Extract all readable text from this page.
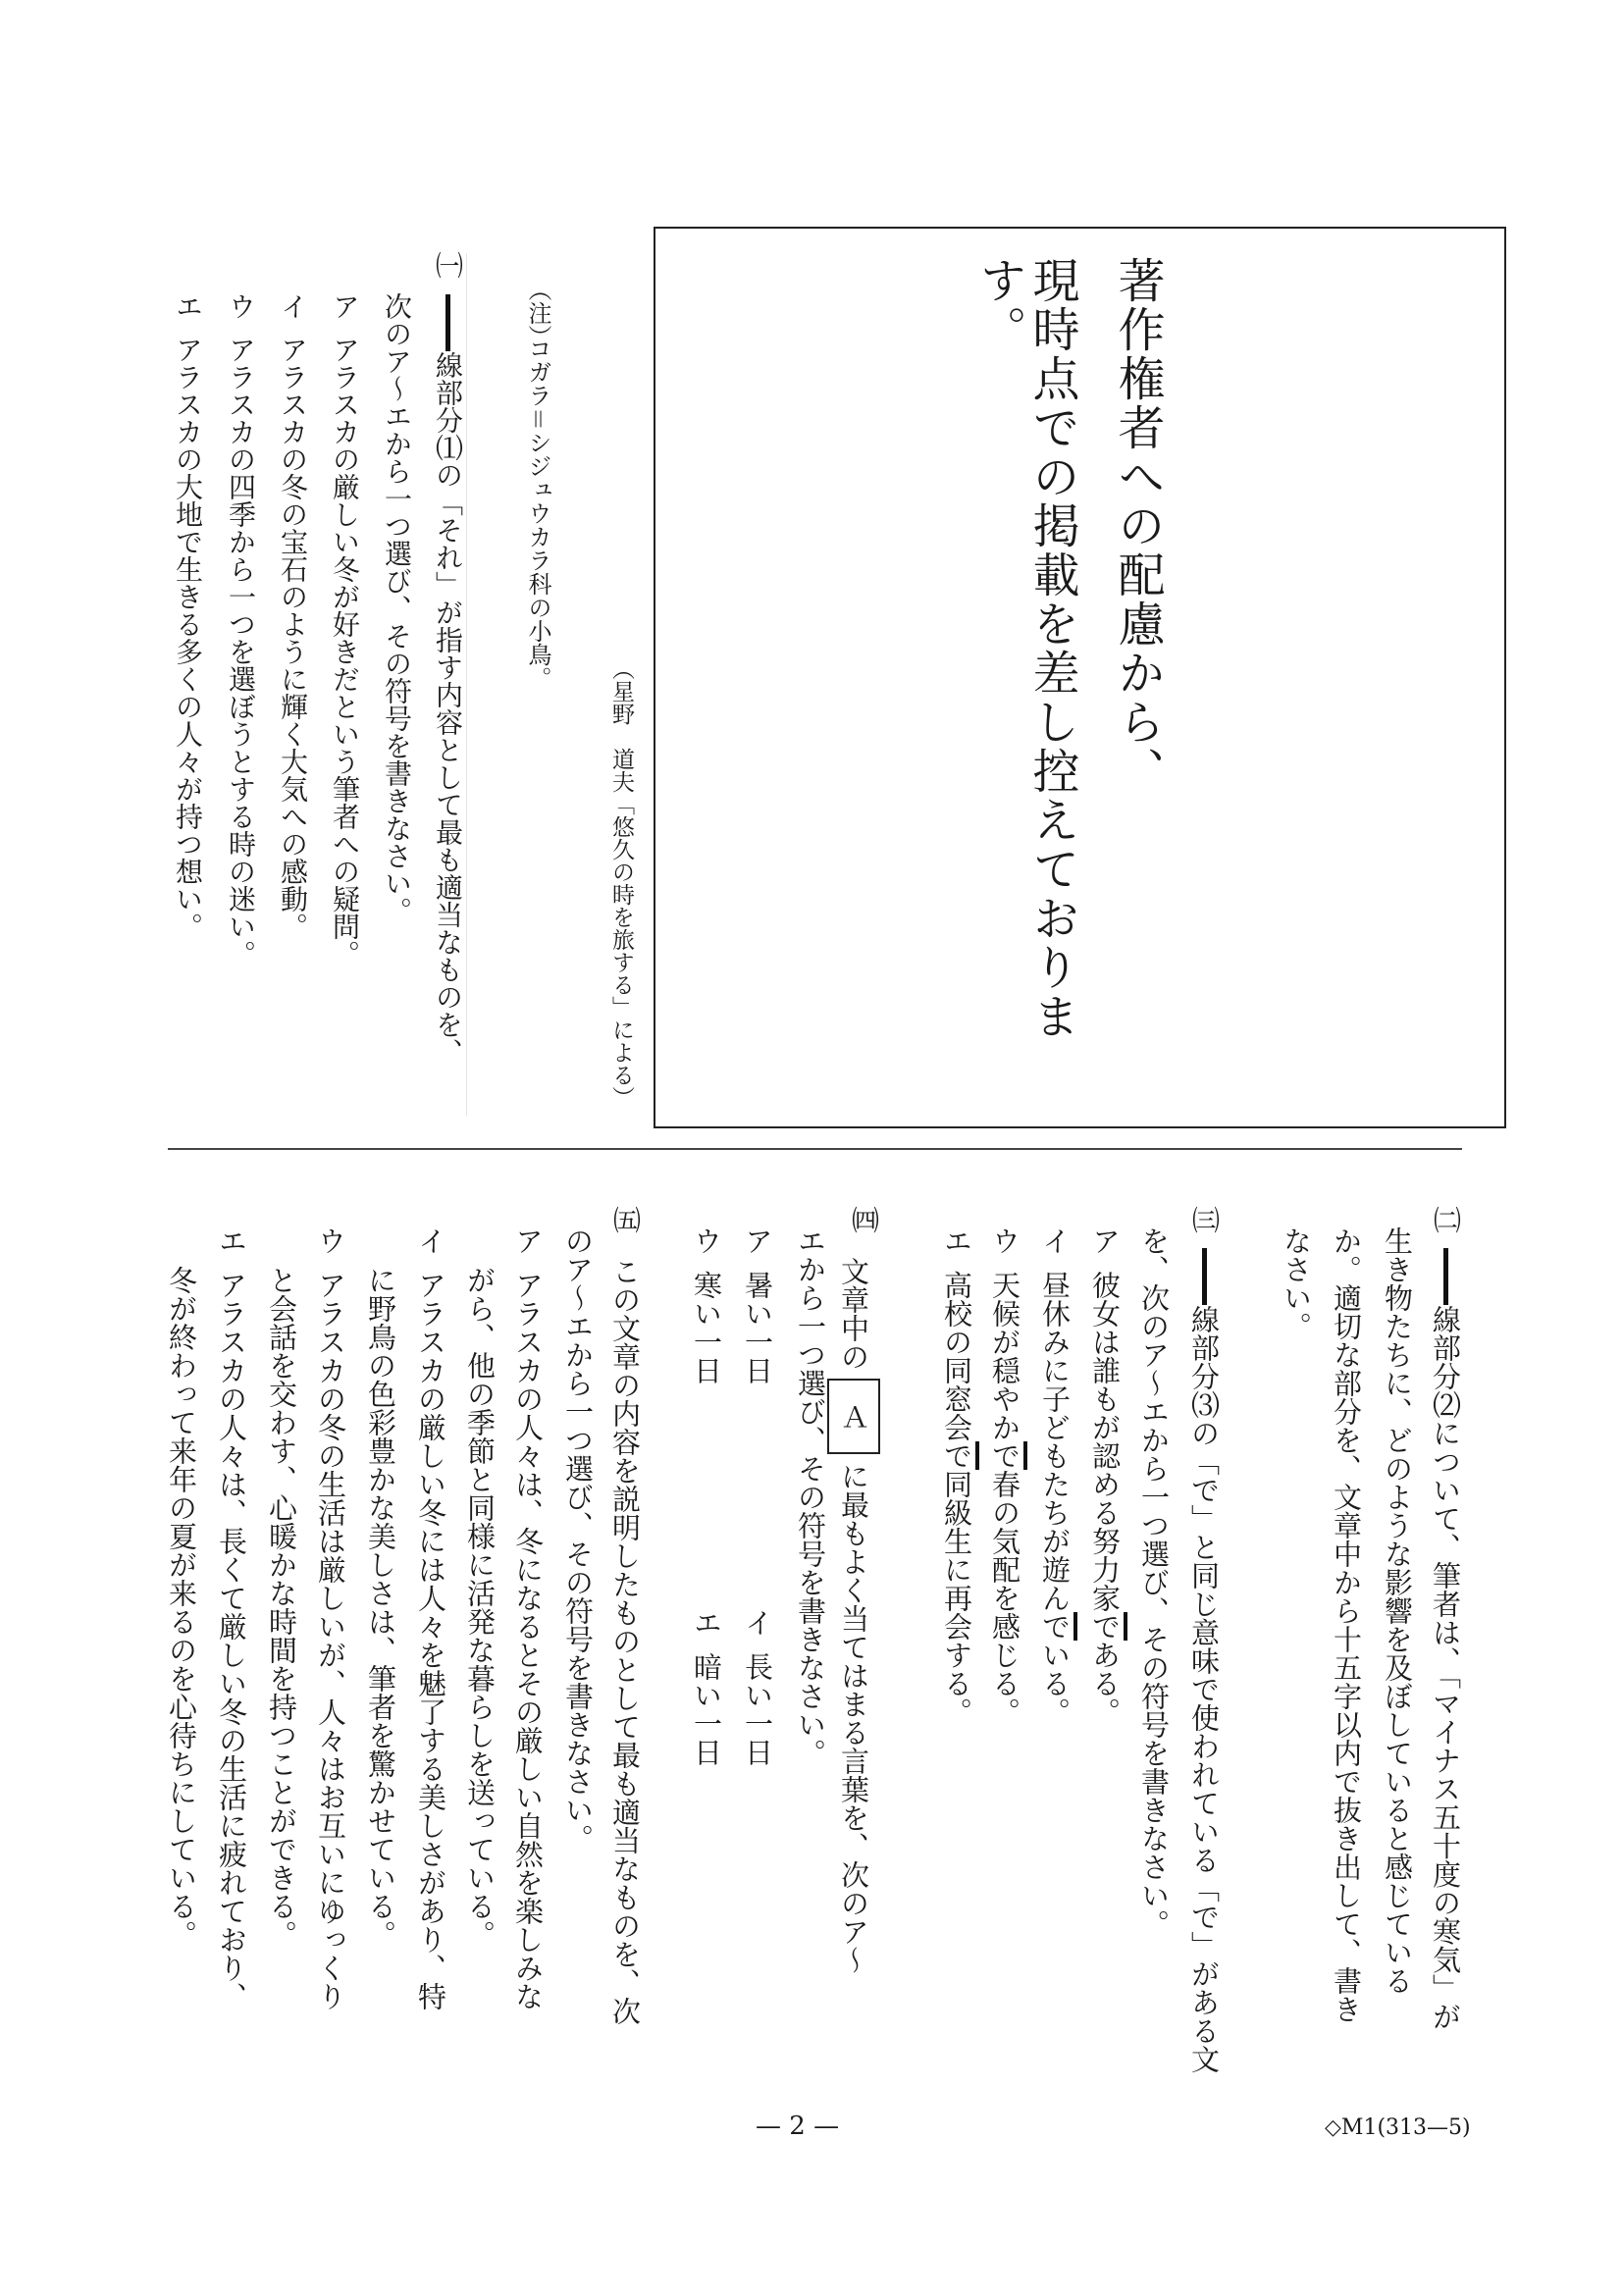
著作権者への配慮から、
現時点での掲載を差し控えております。
（星野　道夫「悠久の時を旅する」による）
（注）
コガラ＝シジュウカラ科の小鳥。
㈠
線部分⑴の「それ」が指す内容として最も適当なものを、
次のア〜エから一つ選び、その符号を書きなさい。
アアラスカの厳しい冬が好きだという筆者への疑問。
イアラスカの冬の宝石のように輝く大気への感動。
ウアラスカの四季から一つを選ぼうとする時の迷い。
エアラスカの大地で生きる多くの人々が持つ想い。
㈡
線部分⑵について、筆者は、「マイナス五十度の寒気」が
生き物たちに、どのような影響を及ぼしていると感じている
か。適切な部分を、文章中から十五字以内で抜き出して、書き
なさい。
㈢
線部分⑶の「で」と同じ意味で使われている「で」がある文
を、次のア〜エから一つ選び、その符号を書きなさい。
ア彼女は誰もが認める努力家である。
イ昼休みに子どもたちが遊んでいる。
ウ天候が穏やかで春の気配を感じる。
エ高校の同窓会で同級生に再会する。
㈣
文章中のＡに最もよく当てはまる言葉を、次のア〜
エから一つ選び、その符号を書きなさい。
ア暑い一日
イ長い一日
ウ寒い一日
エ暗い一日
㈤
この文章の内容を説明したものとして最も適当なものを、次
のア〜エから一つ選び、その符号を書きなさい。
アアラスカの人々は、冬になるとその厳しい自然を楽しみな
がら、他の季節と同様に活発な暮らしを送っている。
イアラスカの厳しい冬には人々を魅了する美しさがあり、特
に野鳥の色彩豊かな美しさは、筆者を驚かせている。
ウアラスカの冬の生活は厳しいが、人々はお互いにゆっくり
と会話を交わす、心暖かな時間を持つことができる。
エアラスカの人々は、長くて厳しい冬の生活に疲れており、
冬が終わって来年の夏が来るのを心待ちにしている。
— 2 —	◇M1(313—5)
